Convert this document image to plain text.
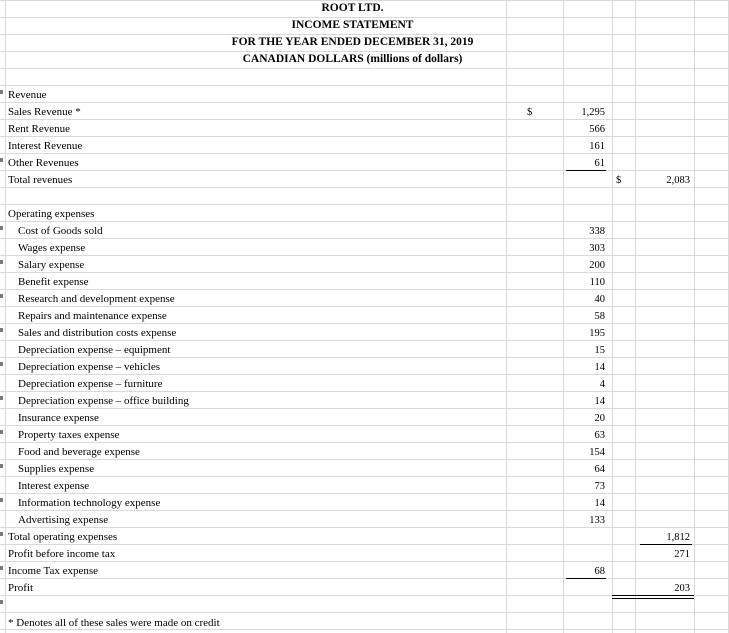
ROOT LTD.
INCOME STATEMENT
FOR THE YEAR ENDED DECEMBER 31, 2019
CANADIAN DOLLARS (millions of dollars)
Revenue
Sales Revenue *	$	1,295
Rent Revenue	566
Interest Revenue	161
Other Revenues	61
Total revenues	$	2,083
Operating expenses
Cost of Goods sold	338
Wages expense	303
Salary expense	200
Benefit expense	110
Research and development expense	40
Repairs and maintenance expense	58
Sales and distribution costs expense	195
Depreciation expense – equipment	15
Depreciation expense – vehicles	14
Depreciation expense – furniture	4
Depreciation expense – office building	14
Insurance expense	20
Property taxes expense	63
Food and beverage expense	154
Supplies expense	64
Interest expense	73
Information technology expense	14
Advertising expense	133
Total operating expenses	1,812
Profit before income tax	271
Income Tax expense	68
Profit	203
* Denotes all of these sales were made on credit
